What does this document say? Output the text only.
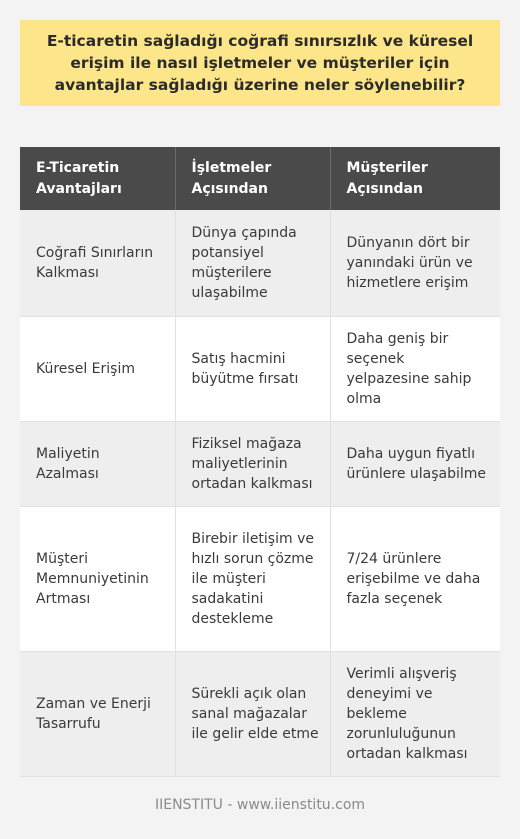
E-ticaretin sağladığı coğrafi sınırsızlık ve küresel erişim ile nasıl işletmeler ve müşteriler için avantajlar sağladığı üzerine neler söylenebilir?
E-Ticaretin Avantajları	İşletmeler Açısından	Müşteriler Açısından
Coğrafi Sınırların Kalkması	Dünya çapında potansiyel müşterilere ulaşabilme	Dünyanın dört bir yanındaki ürün ve hizmetlere erişim
Küresel Erişim	Satış hacmini büyütme fırsatı	Daha geniş bir seçenek yelpazesine sahip olma
Maliyetin Azalması	Fiziksel mağaza maliyetlerinin ortadan kalkması	Daha uygun fiyatlı ürünlere ulaşabilme
Müşteri Memnuniyetinin Artması	Birebir iletişim ve hızlı sorun çözme ile müşteri sadakatini destekleme	7/24 ürünlere erişebilme ve daha fazla seçenek
Zaman ve Enerji Tasarrufu	Sürekli açık olan sanal mağazalar ile gelir elde etme	Verimli alışveriş deneyimi ve bekleme zorunluluğunun ortadan kalkması
IIENSTITU - www.iienstitu.com
